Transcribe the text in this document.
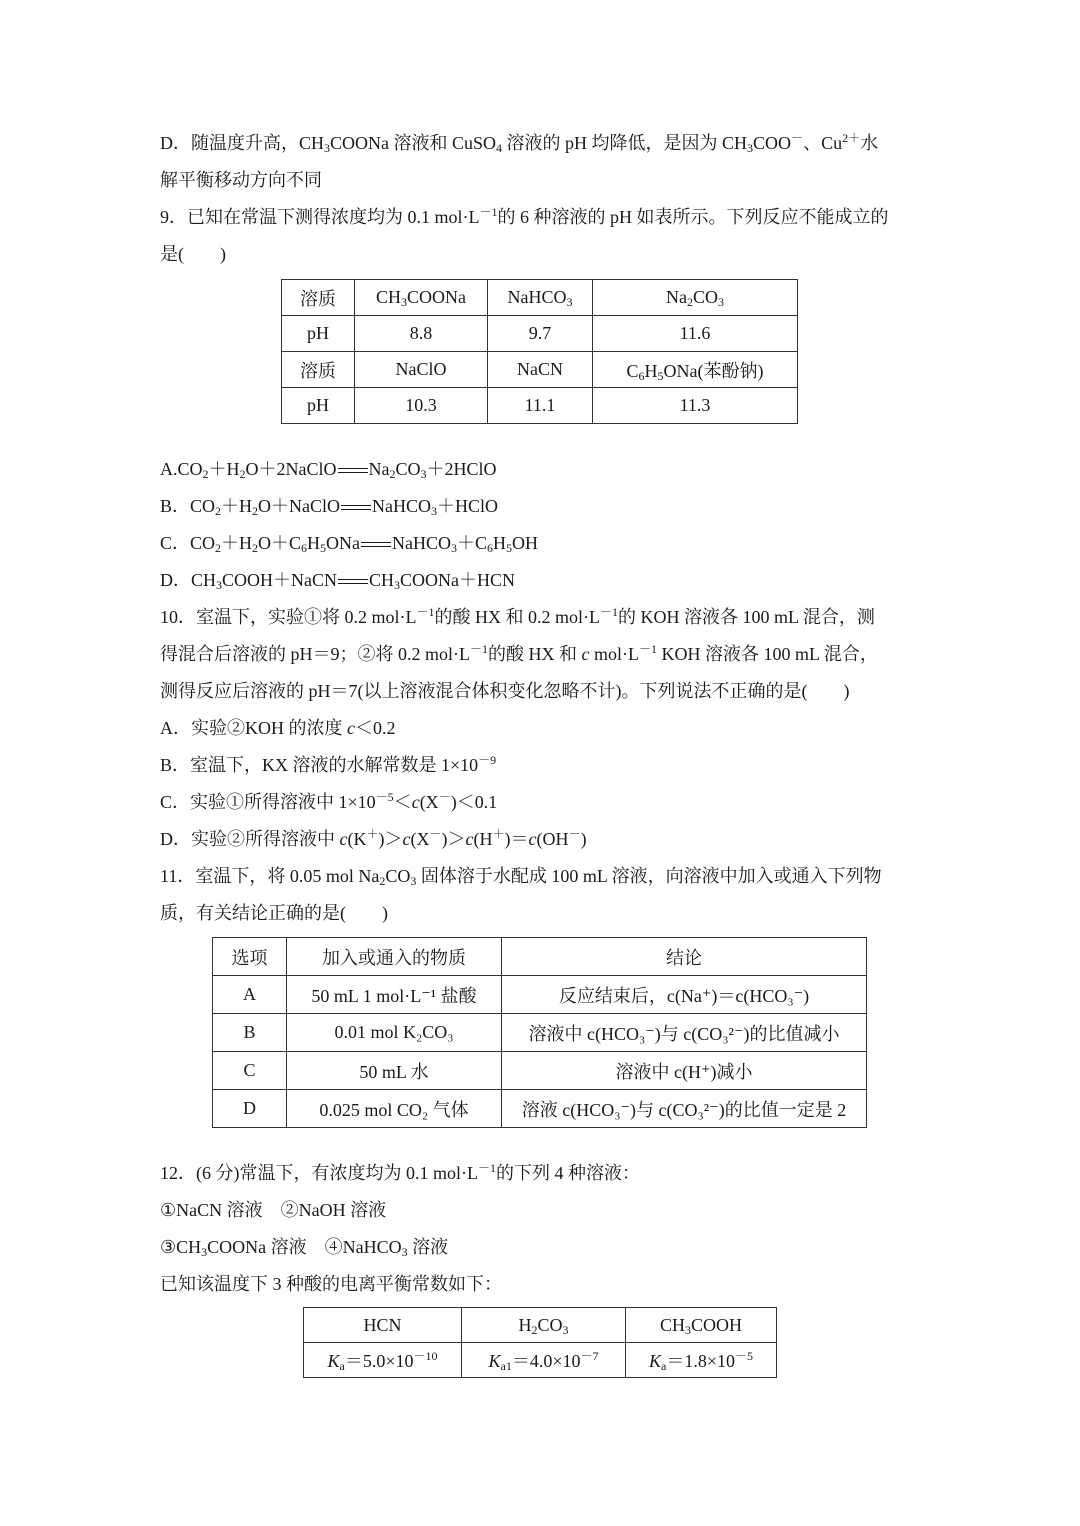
D．随温度升高，$CH_3COONa$ 溶液和 CuSO$_4$ 溶液的 pH 均降低，是因为 $CH_3COO^-$、$Cu^{2+}$水

解平衡移动方向不同

9．已知在常温下测得浓度均为 0.1 $mol\cdot L^{-1}$的 6 种溶液的 pH 如表所示。下列反应不能成立的

是(　　)

溶质	$CH_3COONa$	NaHCO$_3$	$Na_2CO_3$
pH	8.8	9.7	11.6
溶质	NaClO	NaCN	$C_6H_5ONa$(苯酚钠)
pH	10.3	11.1	11.3

$A.CO_2+H_2O+2NaClO$ $Na_2CO_3+2HClO$

B．$CO_2+H_2O+NaClO$ NaHCO$_3$＋HClO

C．$CO_2+H_2O+C_6H_5ONa$ $NaHCO_3+C_6H_5OH$

D．$CH_3COOH+NaCN$ $CH_3COONa+HCN$

10．室温下，实验①将 0.2 $mol\cdot L^{-1}$的酸 HX 和 0.2 $mol\cdot L^{-1}$的 KOH 溶液各 100 mL 混合，测

得混合后溶液的 pH＝9；②将 0.2 $mol\cdot L^{-1}$的酸 HX 和 c $mol\cdot L^{-1}$ KOH 溶液各 100 mL 混合，

测得反应后溶液的 pH＝7(以上溶液混合体积变化忽略不计)。下列说法不正确的是(　　)

A．实验②KOH 的浓度 c＜0.2

B．室温下，KX 溶液的水解常数是 $1\times 10^{-9}$

C．实验①所得溶液中 $1\times 10^{-5}<c(X^-)<0.1$

D．实验②所得溶液中 c(K＋)＞c(X－)＞c(H＋)＝c(OH－)

11．室温下，将 0.05 mol $Na_2CO_3$ 固体溶于水配成 100 mL 溶液，向溶液中加入或通入下列物

质，有关结论正确的是(　　)

选项	加入或通入的物质	结论
A	50 mL 1 mol·L⁻¹ 盐酸	反应结束后，c(Na⁺)＝c(HCO₃⁻)
B	0.01 mol K₂CO₃	溶液中 c(HCO₃⁻)与 c(CO₃²⁻)的比值减小
C	50 mL 水	溶液中 c(H⁺)减小
D	0.025 mol CO₂ 气体	溶液 c(HCO₃⁻)与 c(CO₃²⁻)的比值一定是 2

12．(6 分)常温下，有浓度均为 0.1 $mol\cdot L^{-1}$的下列 4 种溶液：

①NaCN 溶液　②NaOH 溶液

$③CH_3COONa$ 溶液　④NaHCO$_3$ 溶液

已知该温度下 3 种酸的电离平衡常数如下：

HCN	$H_2CO_3$	$CH_3COOH$
$K_a=5.0\times 10^{-10}$	$K_{a1}=4.0\times 10^{-7}$	$K_a=1.8\times 10^{-5}$
